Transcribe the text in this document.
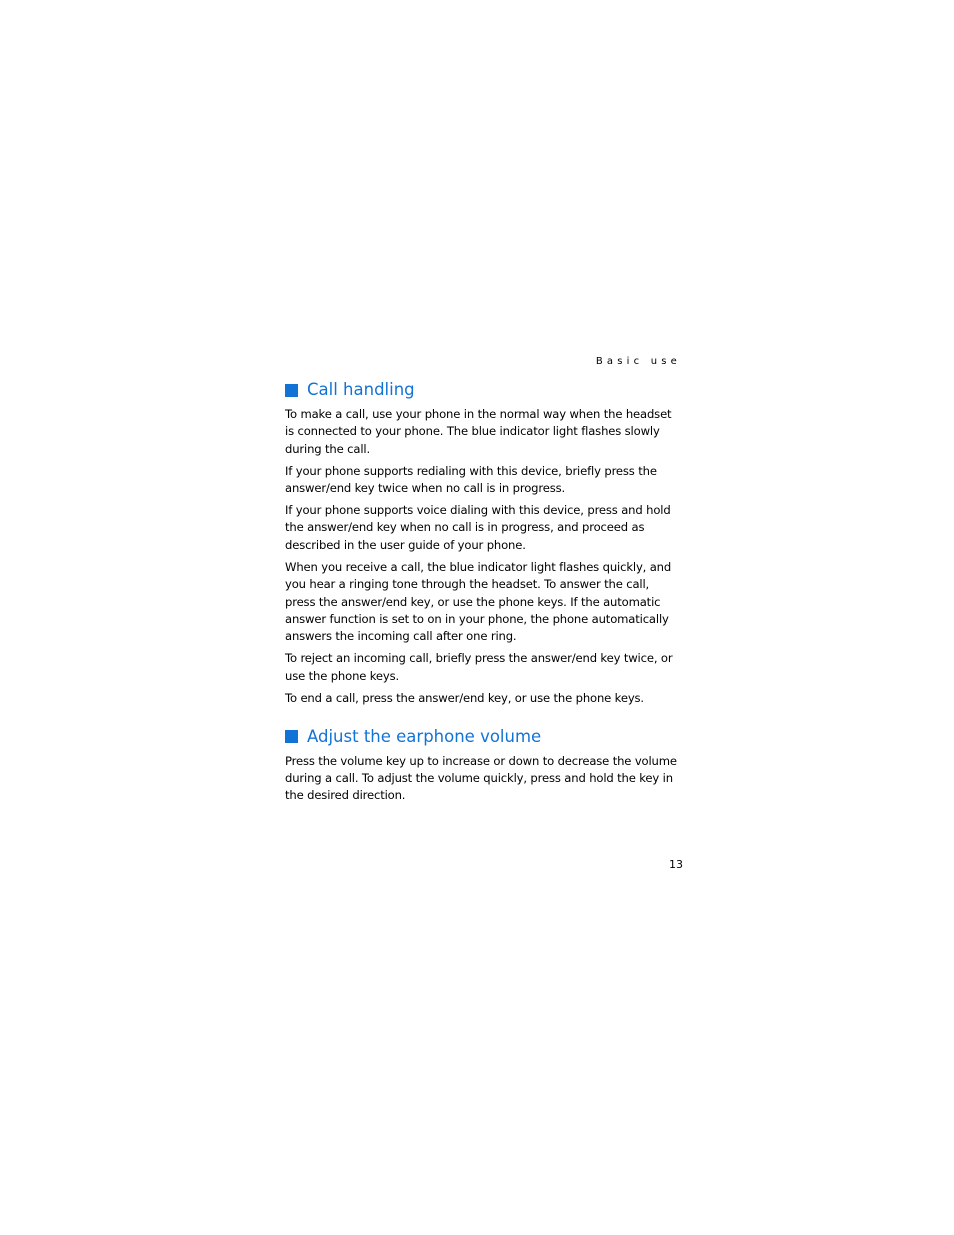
Basic use
Call handling

To make a call, use your phone in the normal way when the headset is connected to your phone. The blue indicator light flashes slowly during the call.

If your phone supports redialing with this device, briefly press the answer/end key twice when no call is in progress.

If your phone supports voice dialing with this device, press and hold the answer/end key when no call is in progress, and proceed as described in the user guide of your phone.

When you receive a call, the blue indicator light flashes quickly, and you hear a ringing tone through the headset. To answer the call, press the answer/end key, or use the phone keys. If the automatic answer function is set to on in your phone, the phone automatically answers the incoming call after one ring.

To reject an incoming call, briefly press the answer/end key twice, or use the phone keys.

To end a call, press the answer/end key, or use the phone keys.

Adjust the earphone volume

Press the volume key up to increase or down to decrease the volume during a call. To adjust the volume quickly, press and hold the key in the desired direction.

13
